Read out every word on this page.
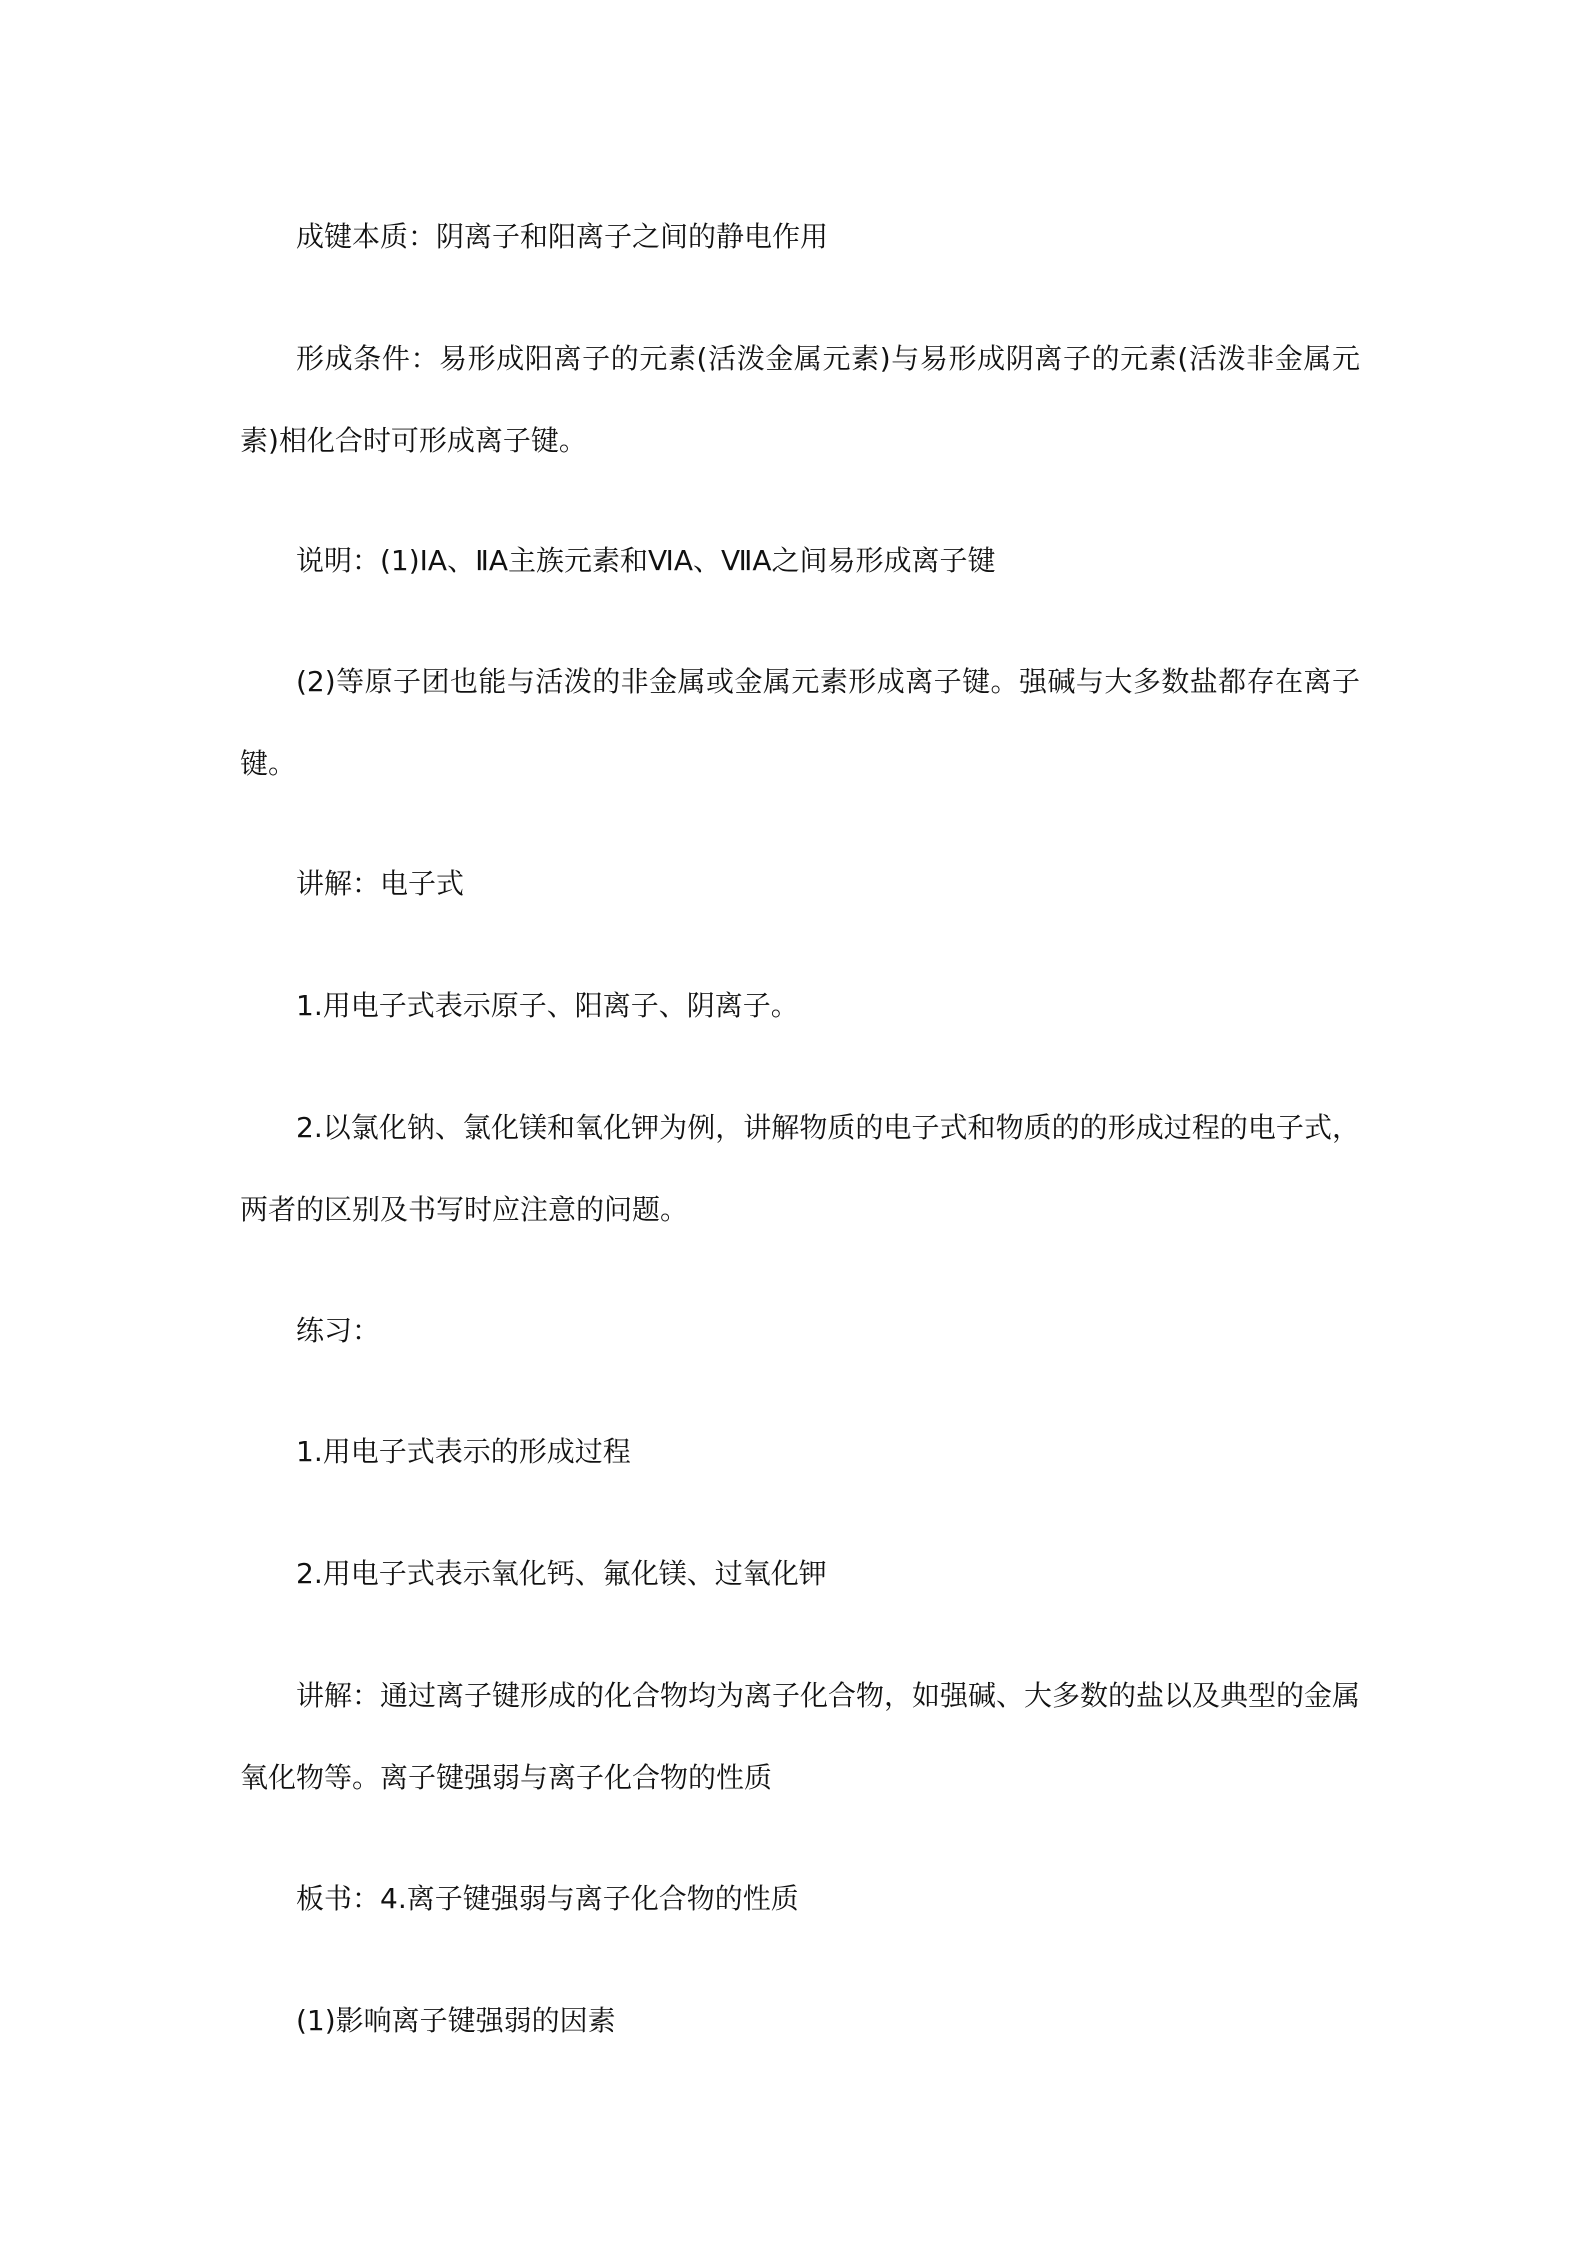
成键本质：阴离子和阳离子之间的静电作用

形成条件：易形成阳离子的元素(活泼金属元素)与易形成阴离子的元素(活泼非金属元素)相化合时可形成离子键。

说明：(1)ⅠA、ⅡA主族元素和ⅥA、ⅦA之间易形成离子键

(2)等原子团也能与活泼的非金属或金属元素形成离子键。强碱与大多数盐都存在离子键。

讲解：电子式

1.用电子式表示原子、阳离子、阴离子。

2.以氯化钠、氯化镁和氧化钾为例，讲解物质的电子式和物质的的形成过程的电子式，两者的区别及书写时应注意的问题。

练习：

1.用电子式表示的形成过程

2.用电子式表示氧化钙、氟化镁、过氧化钾

讲解：通过离子键形成的化合物均为离子化合物，如强碱、大多数的盐以及典型的金属氧化物等。离子键强弱与离子化合物的性质

板书：4.离子键强弱与离子化合物的性质

(1)影响离子键强弱的因素
